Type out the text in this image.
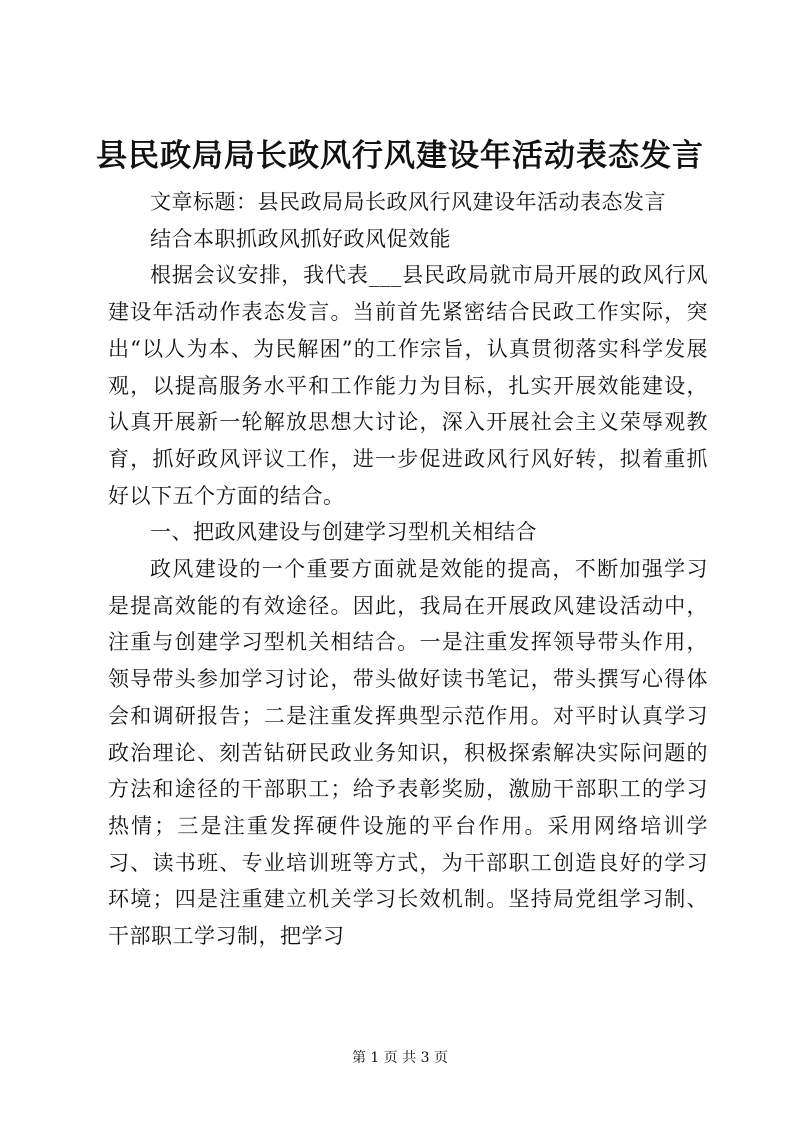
县民政局局长政风行风建设年活动表态发言

文章标题：县民政局局长政风行风建设年活动表态发言

结合本职抓政风抓好政风促效能

根据会议安排，我代表___县民政局就市局开展的政风行风建设年活动作表态发言。当前首先紧密结合民政工作实际，突出“以人为本、为民解困”的工作宗旨，认真贯彻落实科学发展观，以提高服务水平和工作能力为目标，扎实开展效能建设，认真开展新一轮解放思想大讨论，深入开展社会主义荣辱观教育，抓好政风评议工作，进一步促进政风行风好转，拟着重抓好以下五个方面的结合。

一、把政风建设与创建学习型机关相结合

政风建设的一个重要方面就是效能的提高，不断加强学习是提高效能的有效途径。因此，我局在开展政风建设活动中，注重与创建学习型机关相结合。一是注重发挥领导带头作用，领导带头参加学习讨论，带头做好读书笔记，带头撰写心得体会和调研报告；二是注重发挥典型示范作用。对平时认真学习政治理论、刻苦钻研民政业务知识，积极探索解决实际问题的方法和途径的干部职工；给予表彰奖励，激励干部职工的学习热情；三是注重发挥硬件设施的平台作用。采用网络培训学习、读书班、专业培训班等方式，为干部职工创造良好的学习环境；四是注重建立机关学习长效机制。坚持局党组学习制、干部职工学习制，把学习

第 1 页 共 3 页
